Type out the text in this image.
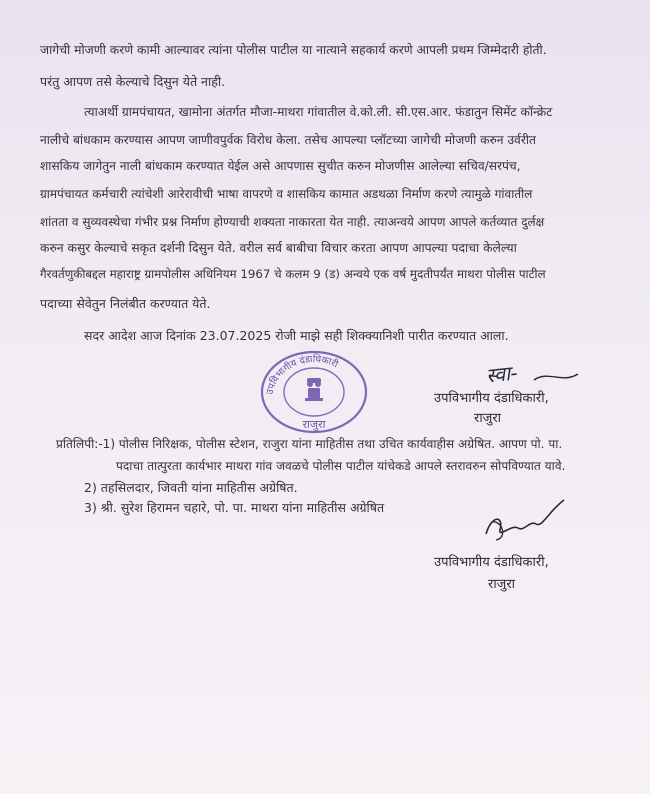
जागेची मोजणी करणे कामी आल्यावर त्यांना पोलीस पाटील या नात्याने सहकार्य करणे आपली प्रथम जिम्मेदारी होती.
परंतु आपण तसे केल्याचे दिसुन येते नाही.
त्याअर्थी ग्रामपंचायत, खामोना अंतर्गत मौजा-माथरा गांवातील वे.को.ली. सी.एस.आर. फंडातुन सिमेंट कॉन्क्रेट
नालीचे बांधकाम करण्यास आपण जाणीवपुर्वक विरोध केला. तसेच आपल्या प्लॉटच्या जागेची मोजणी करुन उर्वरीत
शासकिय जागेतुन नाली बांधकाम करण्यात येईल असे आपणास सुचीत करुन मोजणीस आलेल्या सचिव/सरपंच,
ग्रामपंचायत कर्मचारी त्यांचेशी आरेरावीची भाषा वापरणे व शासकिय कामात अडथळा निर्माण करणे त्यामुळे गांवातील
शांतता व सुव्यवस्थेचा गंभीर प्रश्न निर्माण होण्याची शक्यता नाकारता येत नाही. त्याअन्वये आपण आपले कर्तव्यात दुर्लक्ष
करुन कसुर केल्याचे सकृत दर्शनी दिसुन येते. वरील सर्व बाबीचा विचार करता आपण आपल्या पदाचा केलेल्या
गैरवर्तणुकीबद्दल महाराष्ट्र ग्रामपोलीस अधिनियम 1967 चे कलम 9 (ड) अन्वये एक वर्ष मुदतीपर्यंत माथरा पोलीस पाटील
पदाच्या सेवेतुन निलंबीत करण्यात येते.
सदर आदेश आज दिनांक 23.07.2025 रोजी माझे सही शिक्क्यानिशी पारीत करण्यात आला.
स्वा-
उपविभागीय दंडाधिकारी,
राजुरा
उपविभागीय दंडाधिकारी
राजुरा
प्रतिलिपी:-1) पोलीस निरिक्षक, पोलीस स्टेशन, राजुरा यांना माहितीस तथा उचित कार्यवाहीस अग्रेषित. आपण पो. पा.
पदाचा तात्पुरता कार्यभार माथरा गांव जवळचे पोलीस पाटील यांचेकडे आपले स्तरावरुन सोपविण्यात यावे.
2) तहसिलदार, जिवती यांना माहितीस अग्रेषित.
3) श्री. सुरेश हिरामन चहारे, पो. पा. माथरा यांना माहितीस अग्रेषित
उपविभागीय दंडाधिकारी,
राजुरा
